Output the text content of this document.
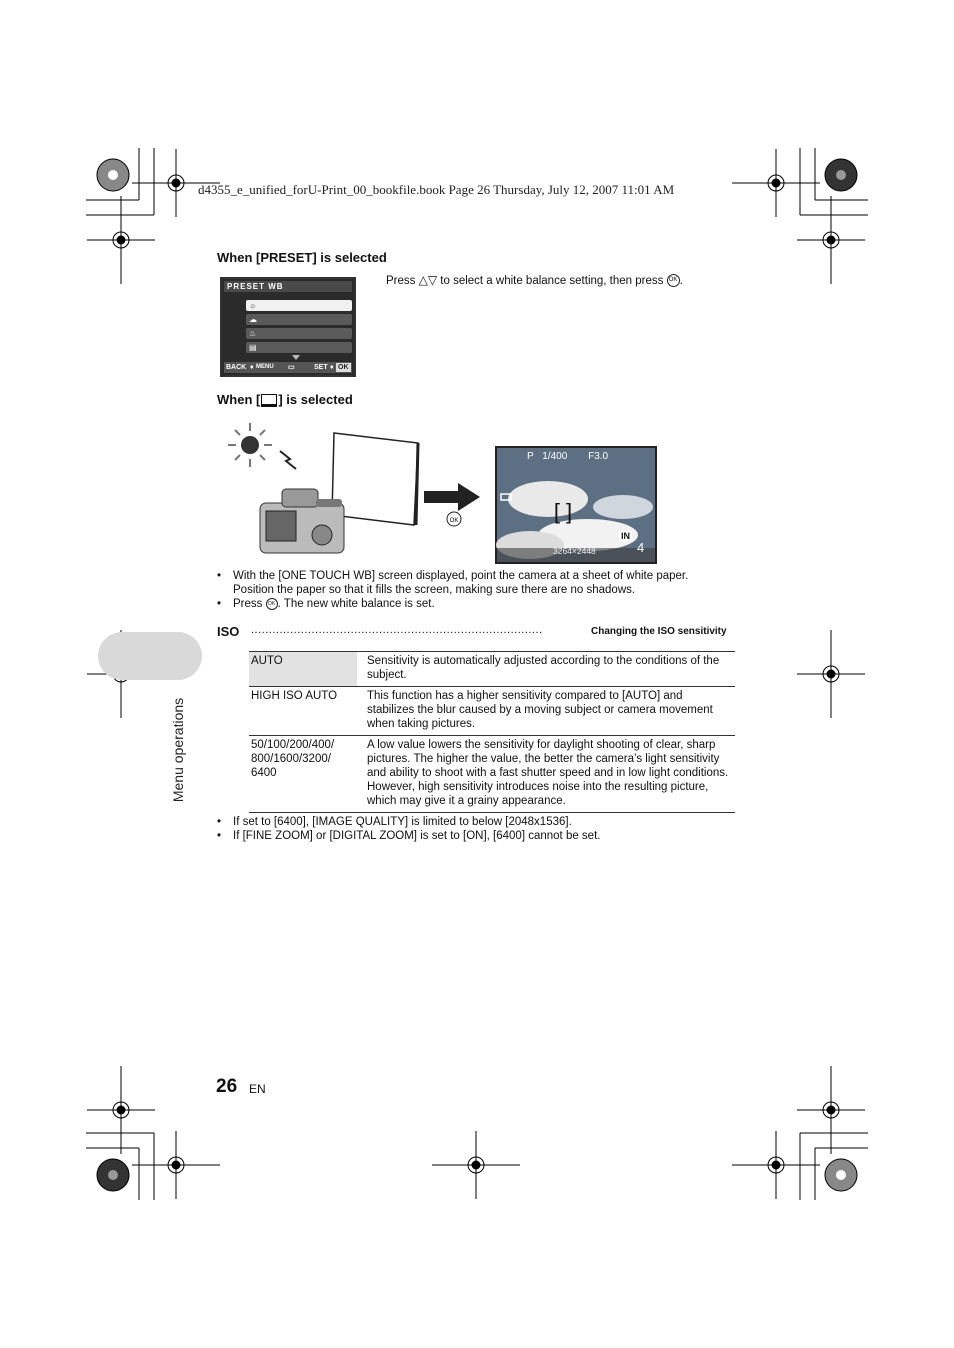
d4355_e_unified_forU-Print_00_bookfile.book Page 26 Thursday, July 12, 2007 11:01 AM
Menu operations
When [PRESET] is selected
PRESET WB
☼
☁
♨
▤
BACK ♦ MENU ▭	SET ♦ OK
Press △▽ to select a white balance setting, then press OK .
When [ ] is selected
OK	[ ]
P 1/400 F3.0
IN
3264×2448	4
• With the [ONE TOUCH WB] screen displayed, point the camera at a sheet of white paper. Position the paper so that it fills the screen, making sure there are no shadows.
• Press OK . The new white balance is set.
ISO ..................................................................................	Changing the ISO sensitivity
AUTO	Sensitivity is automatically adjusted according to the conditions of the subject.
HIGH ISO AUTO	This function has a higher sensitivity compared to [AUTO] and stabilizes the blur caused by a moving subject or camera movement when taking pictures.
50/100/200/400/ 800/1600/3200/ 6400	A low value lowers the sensitivity for daylight shooting of clear, sharp pictures. The higher the value, the better the camera’s light sensitivity and ability to shoot with a fast shutter speed and in low light conditions. However, high sensitivity introduces noise into the resulting picture, which may give it a grainy appearance.
• If set to [6400], [IMAGE QUALITY] is limited to below [2048x1536].
• If [FINE ZOOM] or [DIGITAL ZOOM] is set to [ON], [6400] cannot be set.
26 EN
